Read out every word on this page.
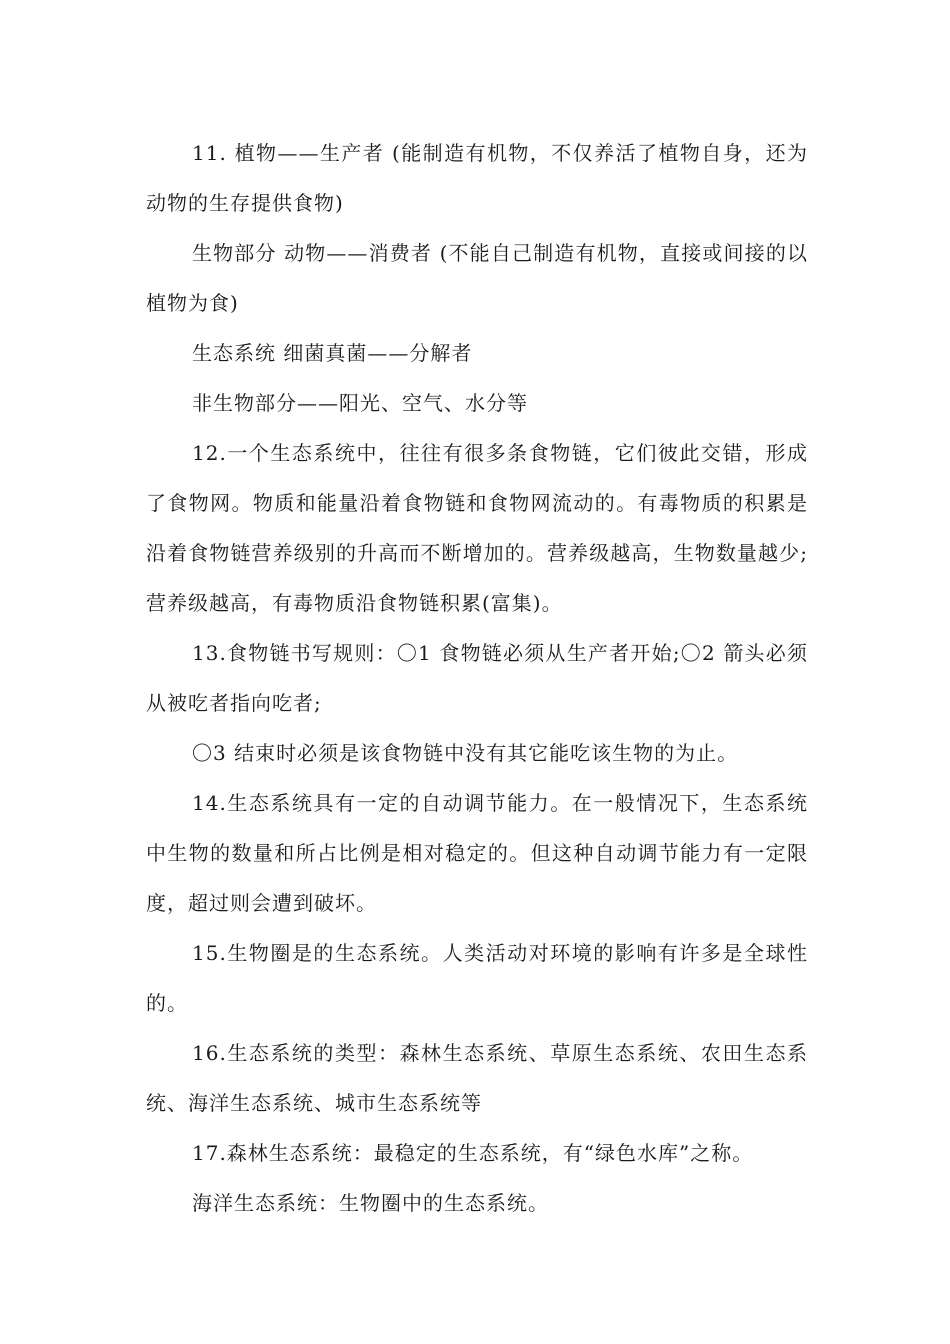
11. 植物——生产者 (能制造有机物，不仅养活了植物自身，还为动物的生存提供食物)

生物部分 动物——消费者 (不能自己制造有机物，直接或间接的以植物为食)

生态系统 细菌真菌——分解者

非生物部分——阳光、空气、水分等

12.一个生态系统中，往往有很多条食物链，它们彼此交错，形成了食物网。物质和能量沿着食物链和食物网流动的。有毒物质的积累是沿着食物链营养级别的升高而不断增加的。营养级越高，生物数量越少;营养级越高，有毒物质沿食物链积累(富集)。

13.食物链书写规则：〇1 食物链必须从生产者开始;〇2 箭头必须从被吃者指向吃者;

〇3 结束时必须是该食物链中没有其它能吃该生物的为止。

14.生态系统具有一定的自动调节能力。在一般情况下，生态系统中生物的数量和所占比例是相对稳定的。但这种自动调节能力有一定限度，超过则会遭到破坏。

15.生物圈是的生态系统。人类活动对环境的影响有许多是全球性的。

16.生态系统的类型：森林生态系统、草原生态系统、农田生态系统、海洋生态系统、城市生态系统等

17.森林生态系统：最稳定的生态系统，有“绿色水库”之称。

海洋生态系统：生物圈中的生态系统。
